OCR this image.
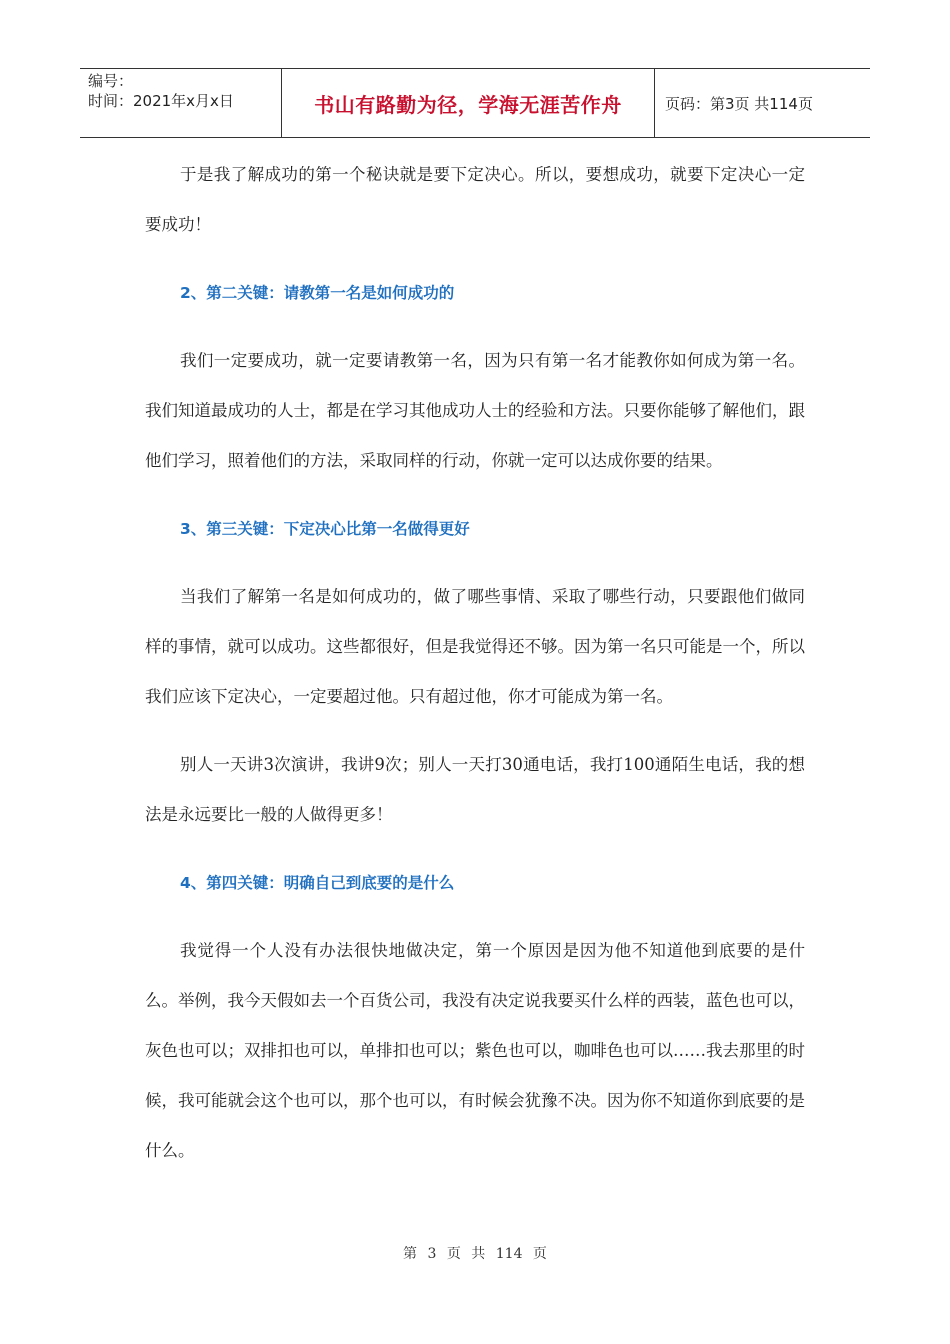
编号：
时间：2021年x月x日	书山有路勤为径，学海无涯苦作舟	页码：第3页 共114页

于是我了解成功的第一个秘诀就是要下定决心。所以，要想成功，就要下定决心一定要成功！

2、第二关键：请教第一名是如何成功的

我们一定要成功，就一定要请教第一名，因为只有第一名才能教你如何成为第一名。我们知道最成功的人士，都是在学习其他成功人士的经验和方法。只要你能够了解他们，跟他们学习，照着他们的方法，采取同样的行动，你就一定可以达成你要的结果。

3、第三关键：下定决心比第一名做得更好

当我们了解第一名是如何成功的，做了哪些事情、采取了哪些行动，只要跟他们做同样的事情，就可以成功。这些都很好，但是我觉得还不够。因为第一名只可能是一个，所以我们应该下定决心，一定要超过他。只有超过他，你才可能成为第一名。

别人一天讲3次演讲，我讲9次；别人一天打30通电话，我打100通陌生电话，我的想法是永远要比一般的人做得更多！

4、第四关键：明确自己到底要的是什么

我觉得一个人没有办法很快地做决定，第一个原因是因为他不知道他到底要的是什么。举例，我今天假如去一个百货公司，我没有决定说我要买什么样的西装，蓝色也可以，灰色也可以；双排扣也可以，单排扣也可以；紫色也可以，咖啡色也可以……我去那里的时候，我可能就会这个也可以，那个也可以，有时候会犹豫不决。因为你不知道你到底要的是什么。

第 3 页 共 114 页
